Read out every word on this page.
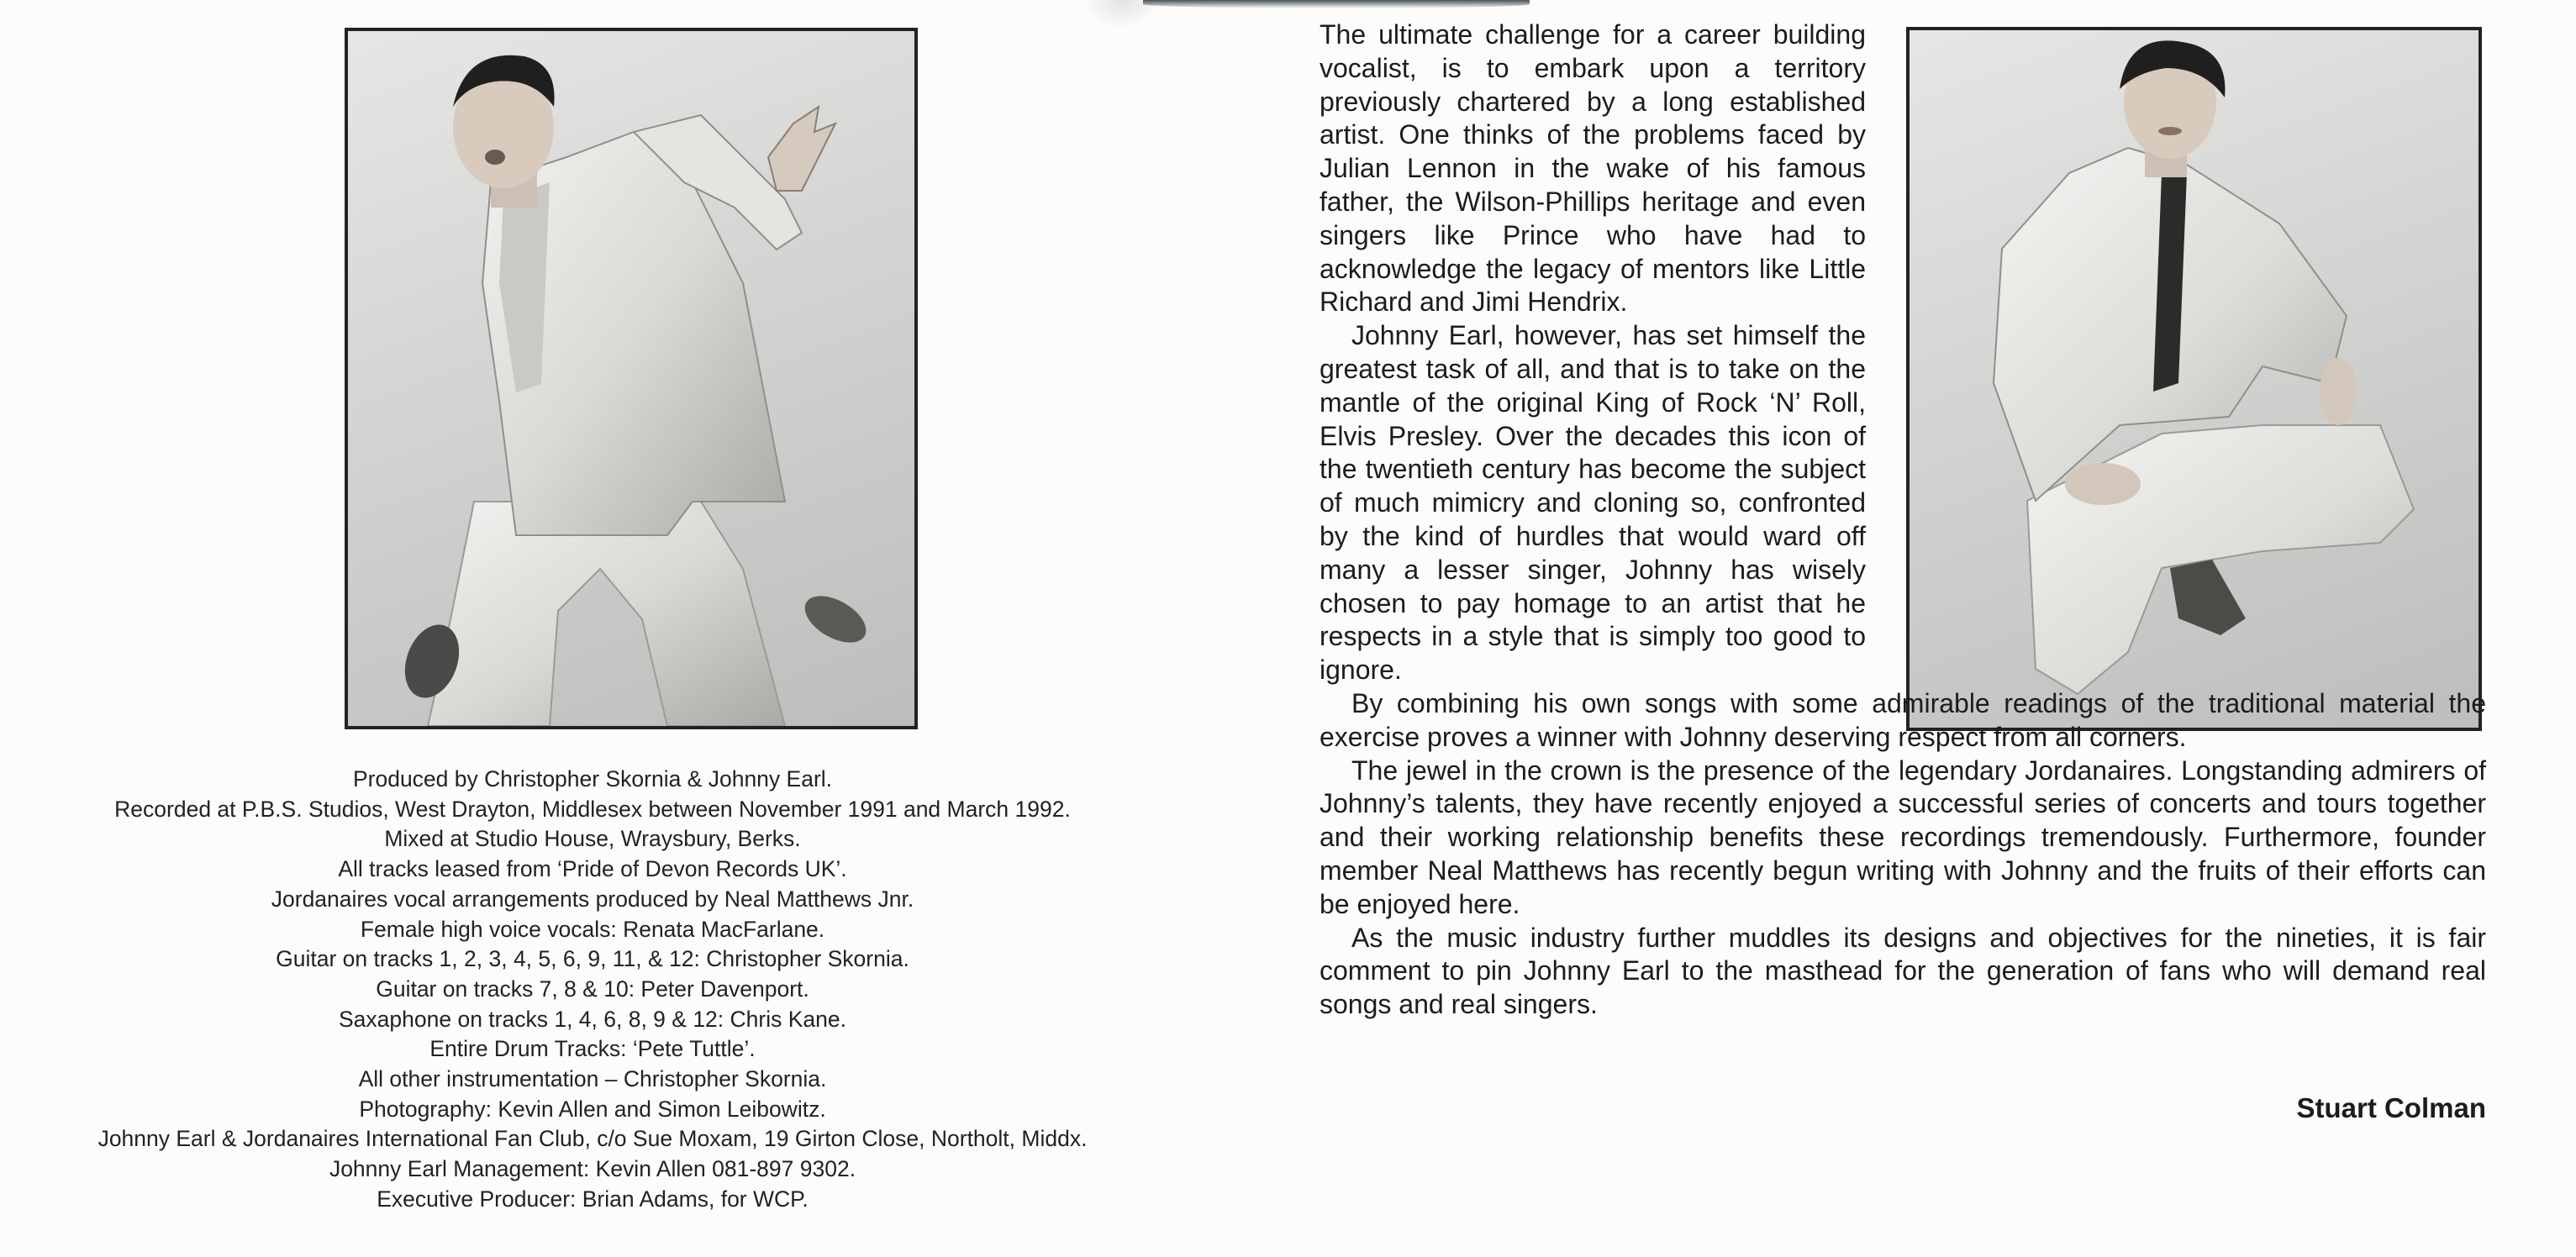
Produced by Christopher Skornia & Johnny Earl.

Recorded at P.B.S. Studios, West Drayton, Middlesex between November 1991 and March 1992.

Mixed at Studio House, Wraysbury, Berks.

All tracks leased from ‘Pride of Devon Records UK’.

Jordanaires vocal arrangements produced by Neal Matthews Jnr.

Female high voice vocals: Renata MacFarlane.

Guitar on tracks 1, 2, 3, 4, 5, 6, 9, 11, & 12: Christopher Skornia.

Guitar on tracks 7, 8 & 10: Peter Davenport.

Saxaphone on tracks 1, 4, 6, 8, 9 & 12: Chris Kane.

Entire Drum Tracks: ‘Pete Tuttle’.

All other instrumentation – Christopher Skornia.

Photography: Kevin Allen and Simon Leibowitz.

Johnny Earl & Jordanaires International Fan Club, c/o Sue Moxam, 19 Girton Close, Northolt, Middx.

Johnny Earl Management: Kevin Allen 081-897 9302.

Executive Producer: Brian Adams, for WCP.

The ultimate challenge for a career building vocalist, is to embark upon a territory previously chartered by a long established artist. One thinks of the problems faced by Julian Lennon in the wake of his famous father, the Wilson-Phillips heritage and even singers like Prince who have had to acknowledge the legacy of mentors like Little Richard and Jimi Hendrix.

Johnny Earl, however, has set himself the greatest task of all, and that is to take on the mantle of the original King of Rock ‘N’ Roll, Elvis Presley. Over the decades this icon of the twentieth century has become the subject of much mimicry and cloning so, confronted by the kind of hurdles that would ward off many a lesser singer, Johnny has wisely chosen to pay homage to an artist that he respects in a style that is simply too good to ignore.

By combining his own songs with some admirable readings of the traditional material the exercise proves a winner with Johnny deserving respect from all corners.

The jewel in the crown is the presence of the legendary Jordanaires. Longstanding admirers of Johnny’s talents, they have recently enjoyed a successful series of concerts and tours together and their working relationship benefits these recordings tremendously. Furthermore, founder member Neal Matthews has recently begun writing with Johnny and the fruits of their efforts can be enjoyed here.

As the music industry further muddles its designs and objectives for the nineties, it is fair comment to pin Johnny Earl to the masthead for the generation of fans who will demand real songs and real singers.

Stuart Colman
